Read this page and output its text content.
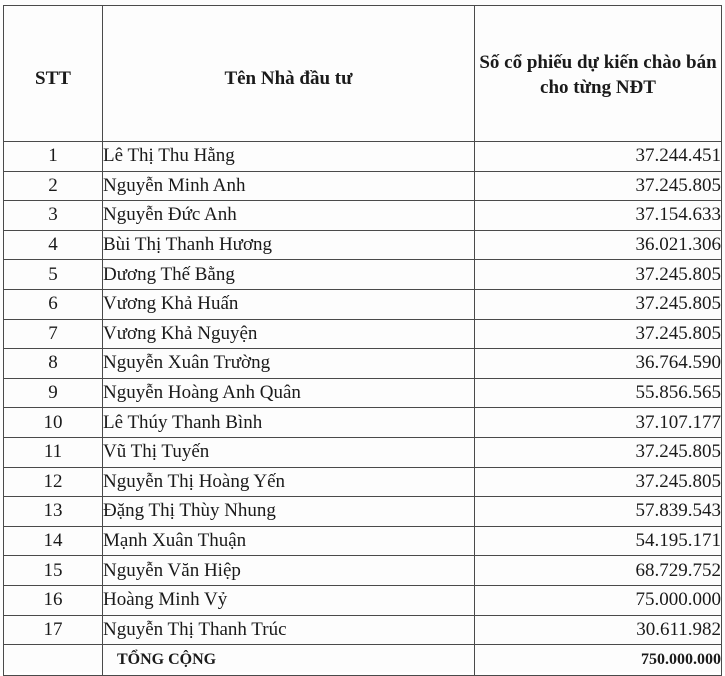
STT	Tên Nhà đầu tư	Số cổ phiếu dự kiến chào bán cho từng NĐT
1	Lê Thị Thu Hằng	37.244.451
2	Nguyễn Minh Anh	37.245.805
3	Nguyễn Đức Anh	37.154.633
4	Bùi Thị Thanh Hương	36.021.306
5	Dương Thế Bằng	37.245.805
6	Vương Khả Huấn	37.245.805
7	Vương Khả Nguyện	37.245.805
8	Nguyễn Xuân Trường	36.764.590
9	Nguyễn Hoàng Anh Quân	55.856.565
10	Lê Thúy Thanh Bình	37.107.177
11	Vũ Thị Tuyến	37.245.805
12	Nguyễn Thị Hoàng Yến	37.245.805
13	Đặng Thị Thùy Nhung	57.839.543
14	Mạnh Xuân Thuận	54.195.171
15	Nguyễn Văn Hiệp	68.729.752
16	Hoàng Minh Vỷ	75.000.000
17	Nguyễn Thị Thanh Trúc	30.611.982
	TỔNG CỘNG	750.000.000
